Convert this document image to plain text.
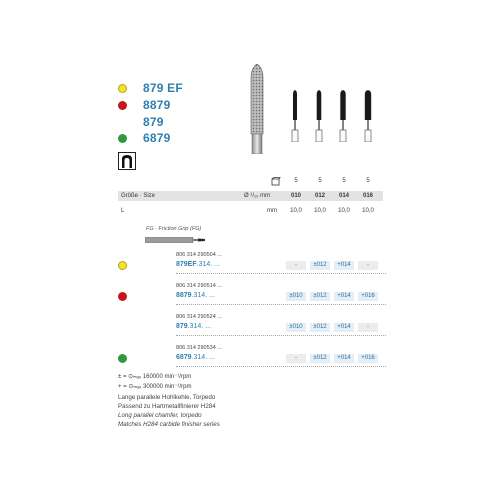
879 EF
8879
879
6879
5	5	5	5
Größe · Size	Ø ¹/₁₀ mm	010	012	014	016
L	mm	10,0	10,0	10,0	10,0
FG · Friction Grip (FG)
806 314 290504 ...
879EF.314. ...	-	±012	+014	-
806 314 290514 ...
8879.314. ...	±010	±012	+014	+016
806 314 290524 ...
879.314. ...	±010	±012	+014	-
806 314 290534 ...
6879.314. ...	-	±012	+014	+016
± = ⊙ₘₐₓ 160000 min⁻¹/rpm
+ = ⊙ₘₐₓ 300000 min⁻¹/rpm
Lange parallele Hohlkehle, Torpedo
Passend zu Hartmetallfinierer H284
Long parallel chamfer, torpedo
Matches H284 carbide finisher series
